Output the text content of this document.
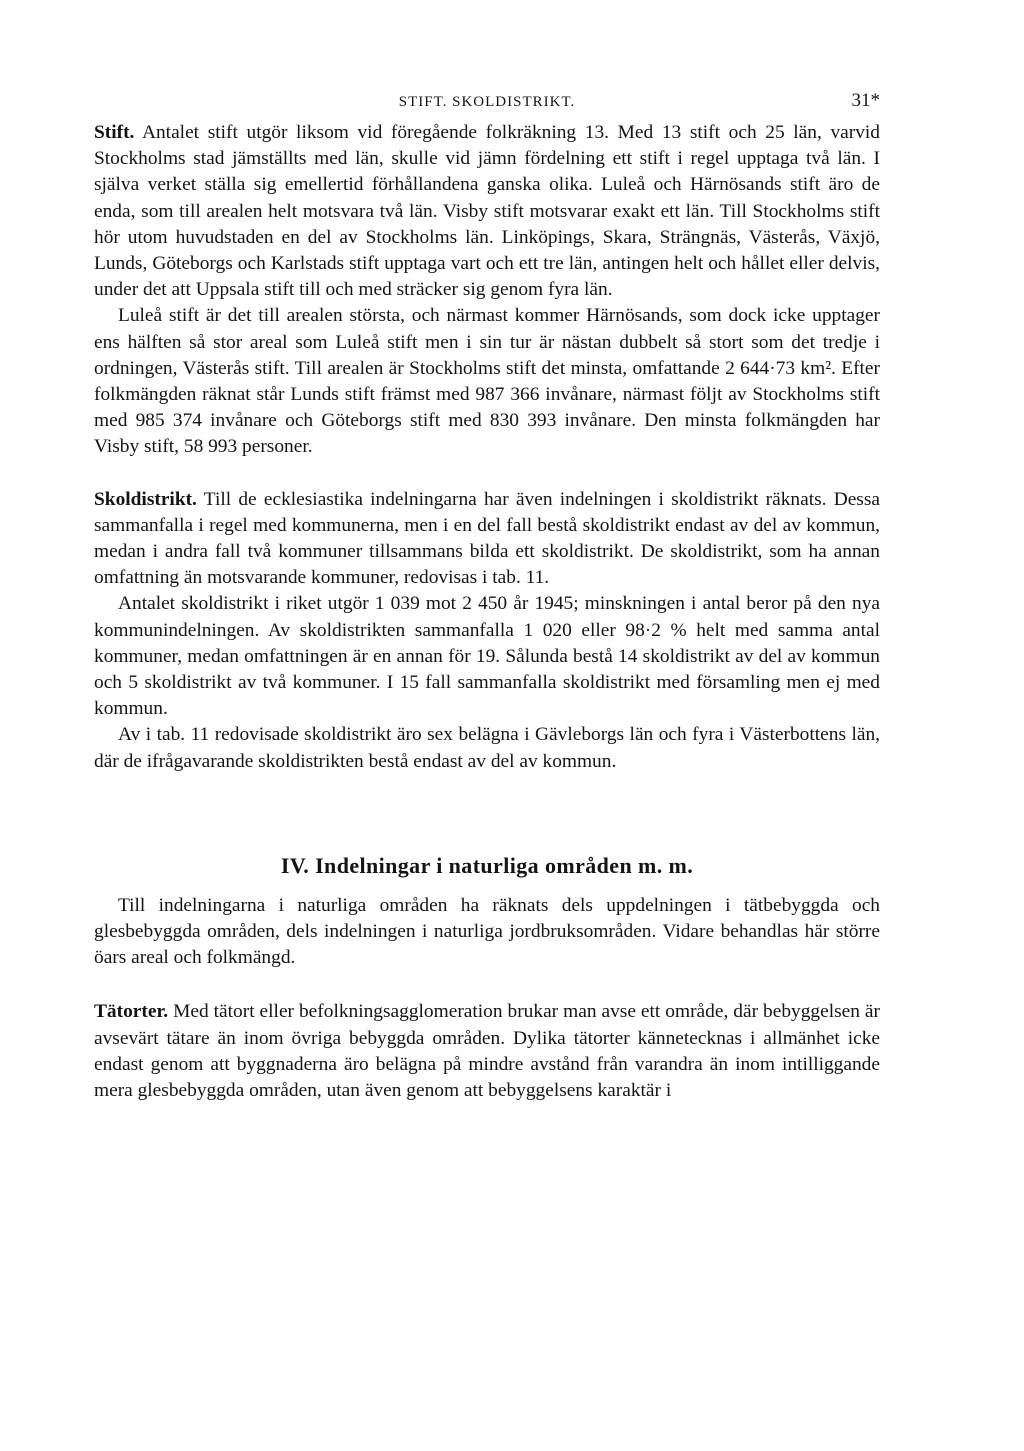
STIFT. SKOLDISTRIKT.	31*

Stift. Antalet stift utgör liksom vid föregående folkräkning 13. Med 13 stift och 25 län, varvid Stockholms stad jämställts med län, skulle vid jämn fördelning ett stift i regel upptaga två län. I själva verket ställa sig emellertid förhållandena ganska olika. Luleå och Härnösands stift äro de enda, som till arealen helt motsvara två län. Visby stift motsvarar exakt ett län. Till Stockholms stift hör utom huvudstaden en del av Stockholms län. Linköpings, Skara, Strängnäs, Västerås, Växjö, Lunds, Göteborgs och Karlstads stift upptaga vart och ett tre län, antingen helt och hållet eller delvis, under det att Uppsala stift till och med sträcker sig genom fyra län.

Luleå stift är det till arealen största, och närmast kommer Härnösands, som dock icke upptager ens hälften så stor areal som Luleå stift men i sin tur är nästan dubbelt så stort som det tredje i ordningen, Västerås stift. Till arealen är Stockholms stift det minsta, omfattande 2 644·73 km². Efter folkmängden räknat står Lunds stift främst med 987 366 invånare, närmast följt av Stockholms stift med 985 374 invånare och Göteborgs stift med 830 393 invånare. Den minsta folkmängden har Visby stift, 58 993 personer.

Skoldistrikt. Till de ecklesiastika indelningarna har även indelningen i skoldistrikt räknats. Dessa sammanfalla i regel med kommunerna, men i en del fall bestå skoldistrikt endast av del av kommun, medan i andra fall två kommuner tillsammans bilda ett skoldistrikt. De skoldistrikt, som ha annan omfattning än motsvarande kommuner, redovisas i tab. 11.

Antalet skoldistrikt i riket utgör 1 039 mot 2 450 år 1945; minskningen i antal beror på den nya kommunindelningen. Av skoldistrikten sammanfalla 1 020 eller 98·2 % helt med samma antal kommuner, medan omfattningen är en annan för 19. Sålunda bestå 14 skoldistrikt av del av kommun och 5 skoldistrikt av två kommuner. I 15 fall sammanfalla skoldistrikt med församling men ej med kommun.

Av i tab. 11 redovisade skoldistrikt äro sex belägna i Gävleborgs län och fyra i Västerbottens län, där de ifrågavarande skoldistrikten bestå endast av del av kommun.

IV. Indelningar i naturliga områden m. m.

Till indelningarna i naturliga områden ha räknats dels uppdelningen i tätbebyggda och glesbebyggda områden, dels indelningen i naturliga jordbruksområden. Vidare behandlas här större öars areal och folkmängd.

Tätorter. Med tätort eller befolkningsagglomeration brukar man avse ett område, där bebyggelsen är avsevärt tätare än inom övriga bebyggda områden. Dylika tätorter kännetecknas i allmänhet icke endast genom att byggnaderna äro belägna på mindre avstånd från varandra än inom intilliggande mera glesbebyggda områden, utan även genom att bebyggelsens karaktär i
